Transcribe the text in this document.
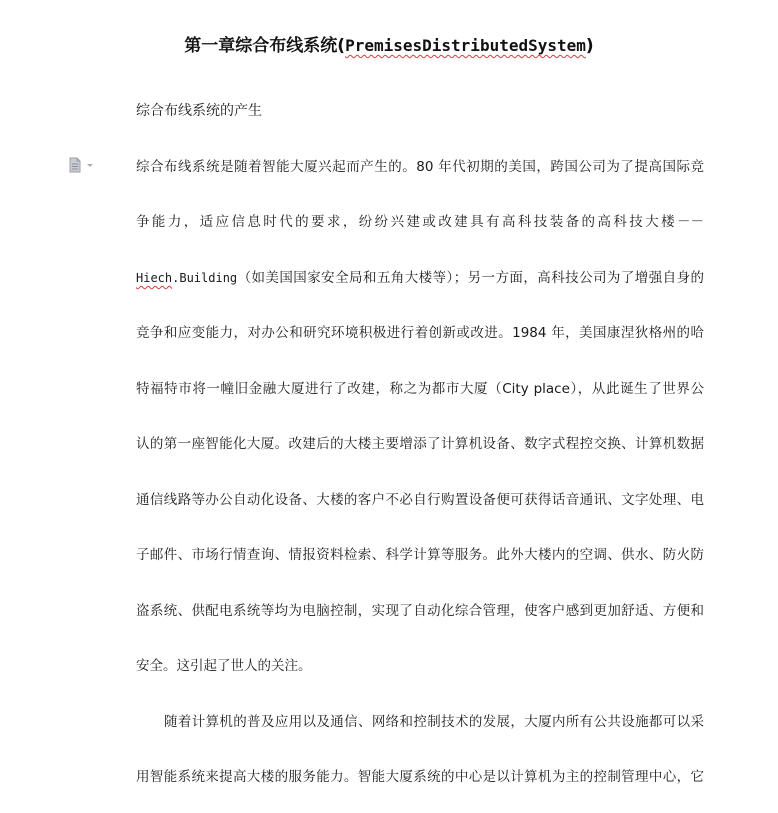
第一章综合布线系统(PremisesDistributedSystem)
综合布线系统的产生
综合布线系统是随着智能大厦兴起而产生的。80 年代初期的美国，跨国公司为了提高国际竞
争能力，适应信息时代的要求，纷纷兴建或改建具有高科技装备的高科技大楼－－
Hiech.Building（如美国国家安全局和五角大楼等）；另一方面，高科技公司为了增强自身的
竞争和应变能力，对办公和研究环境积极进行着创新或改进。1984 年，美国康涅狄格州的哈
特福特市将一幢旧金融大厦进行了改建，称之为都市大厦（City place），从此诞生了世界公
认的第一座智能化大厦。改建后的大楼主要增添了计算机设备、数字式程控交换、计算机数据
通信线路等办公自动化设备、大楼的客户不必自行购置设备便可获得话音通讯、文字处理、电
子邮件、市场行情查询、情报资料检索、科学计算等服务。此外大楼内的空调、供水、防火防
盗系统、供配电系统等均为电脑控制，实现了自动化综合管理，使客户感到更加舒适、方便和
安全。这引起了世人的关注。
随着计算机的普及应用以及通信、网络和控制技术的发展，大厦内所有公共设施都可以采
用智能系统来提高大楼的服务能力。智能大厦系统的中心是以计算机为主的控制管理中心，它
